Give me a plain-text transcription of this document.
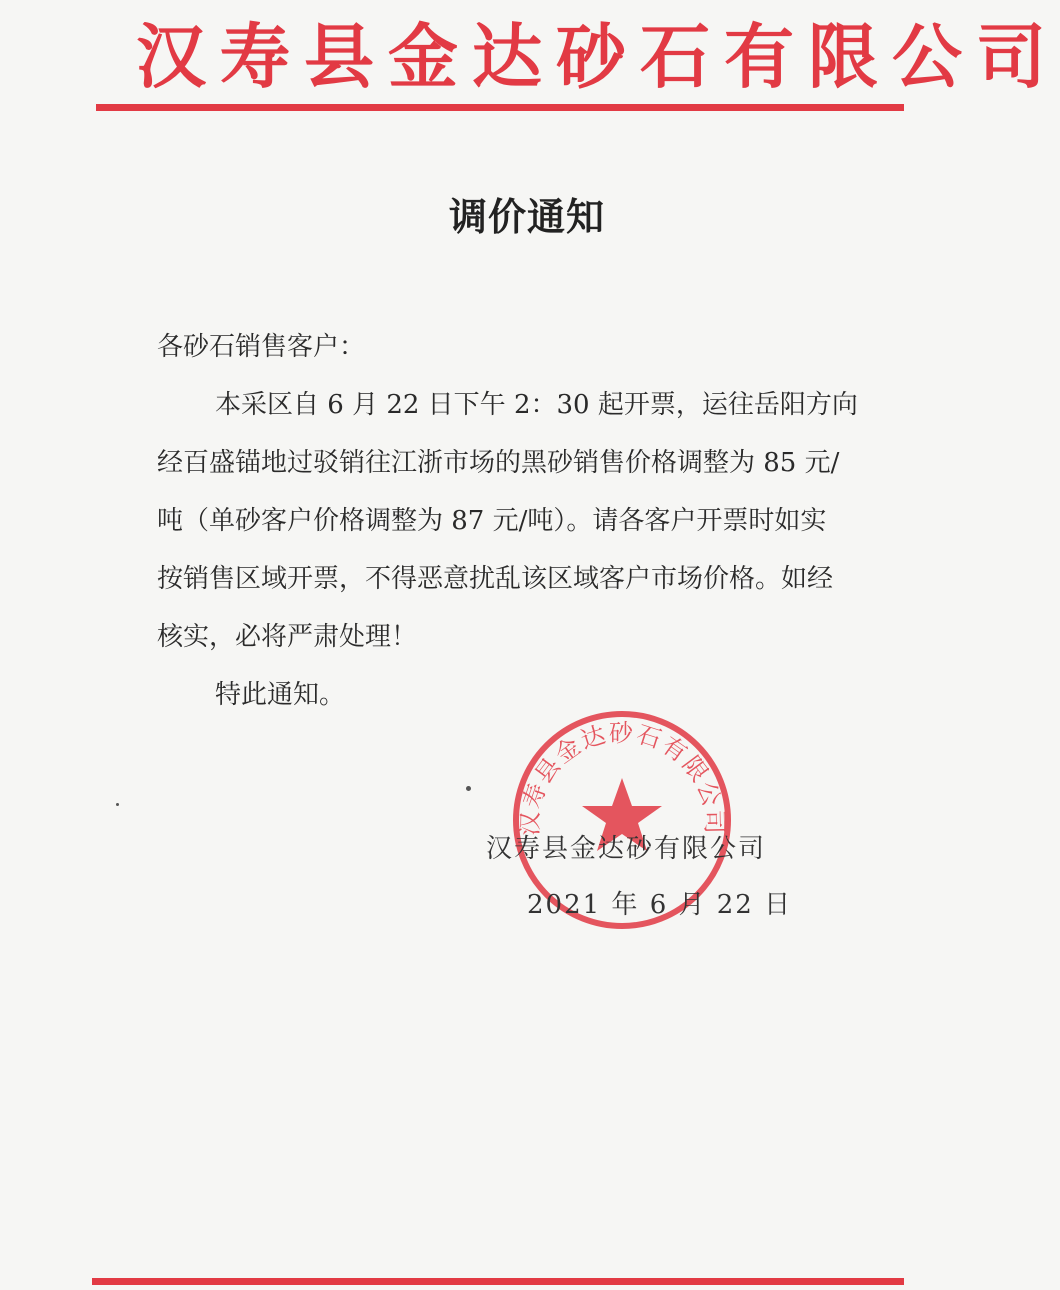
汉寿县金达砂石有限公司
调价通知
各砂石销售客户：
本采区自 6 月 22 日下午 2：30 起开票，运往岳阳方向
经百盛锚地过驳销往江浙市场的黑砂销售价格调整为 85 元/
吨（单砂客户价格调整为 87 元/吨）。请各客户开票时如实
按销售区域开票，不得恶意扰乱该区域客户市场价格。如经
核实，必将严肃处理！
特此通知。
汉寿县金达砂石有限公司
汉寿县金达砂有限公司
2021 年 6 月 22 日
